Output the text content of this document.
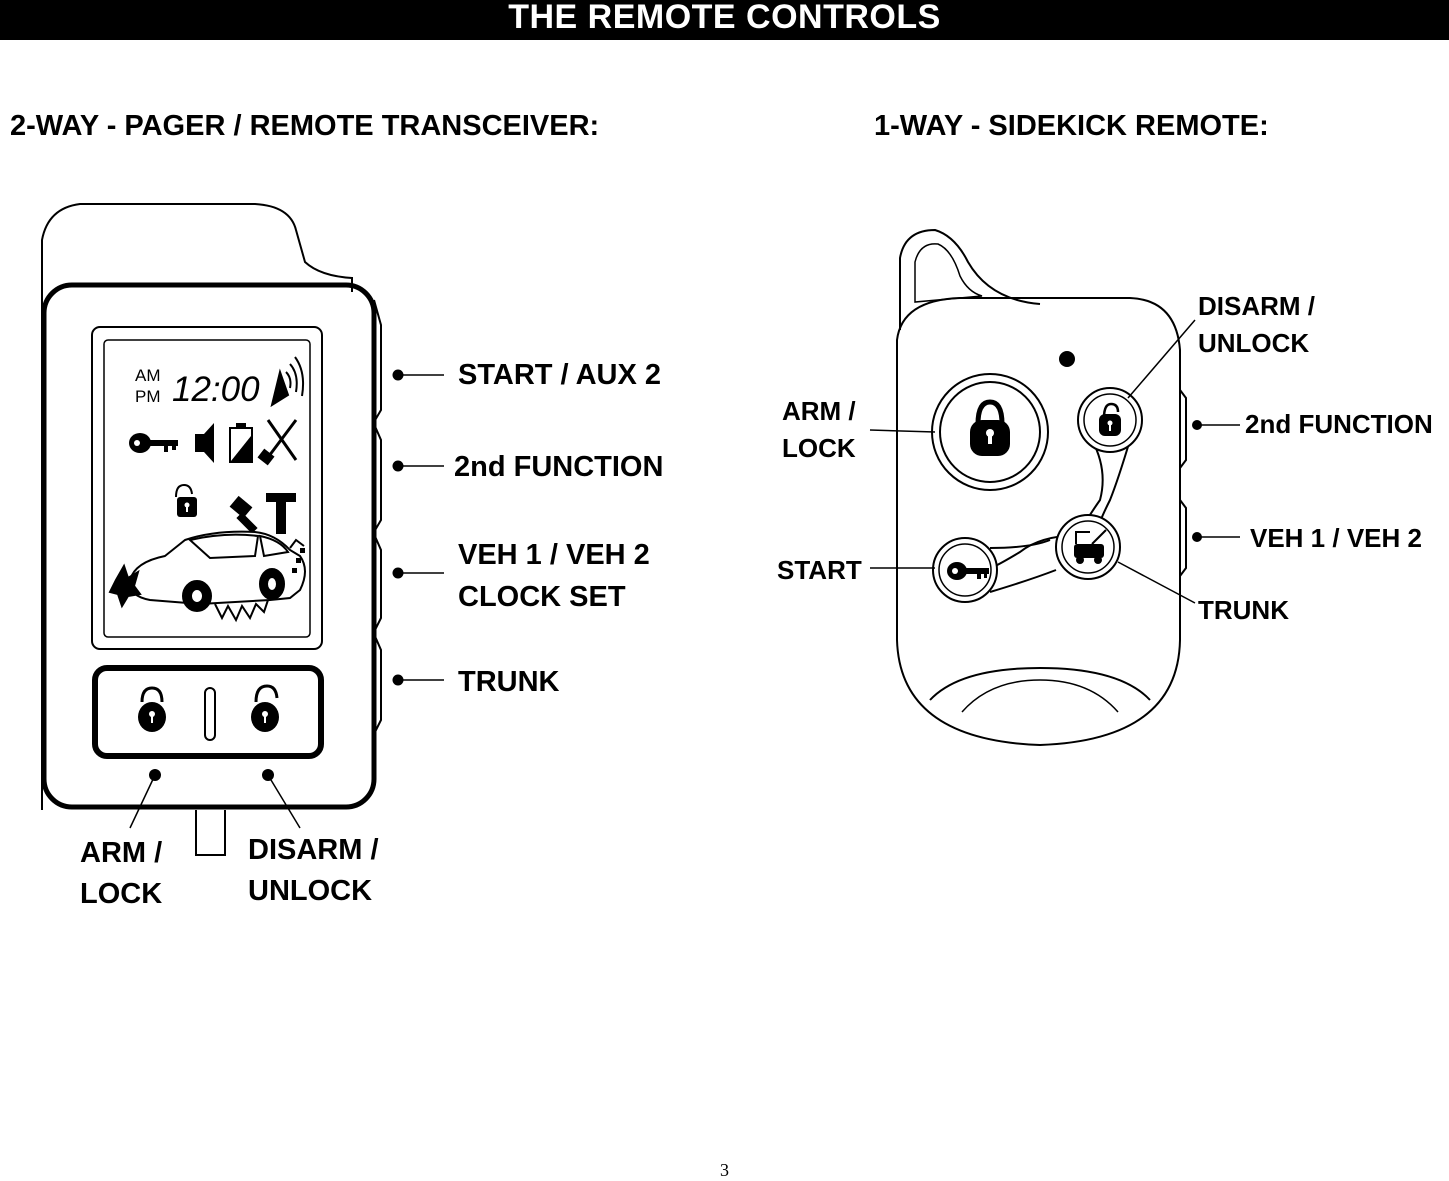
THE REMOTE CONTROLS
2-WAY - PAGER / REMOTE TRANSCEIVER:	1-WAY - SIDEKICK REMOTE:
AM
PM 12:00	START / AUX 2
2nd FUNCTION
VEH 1 / VEH 2
CLOCK SET
TRUNK
ARM /
LOCK
DISARM /
UNLOCK
DISARM /
UNLOCK
ARM /
LOCK
2nd FUNCTION
START
VEH 1 / VEH 2
TRUNK
3
